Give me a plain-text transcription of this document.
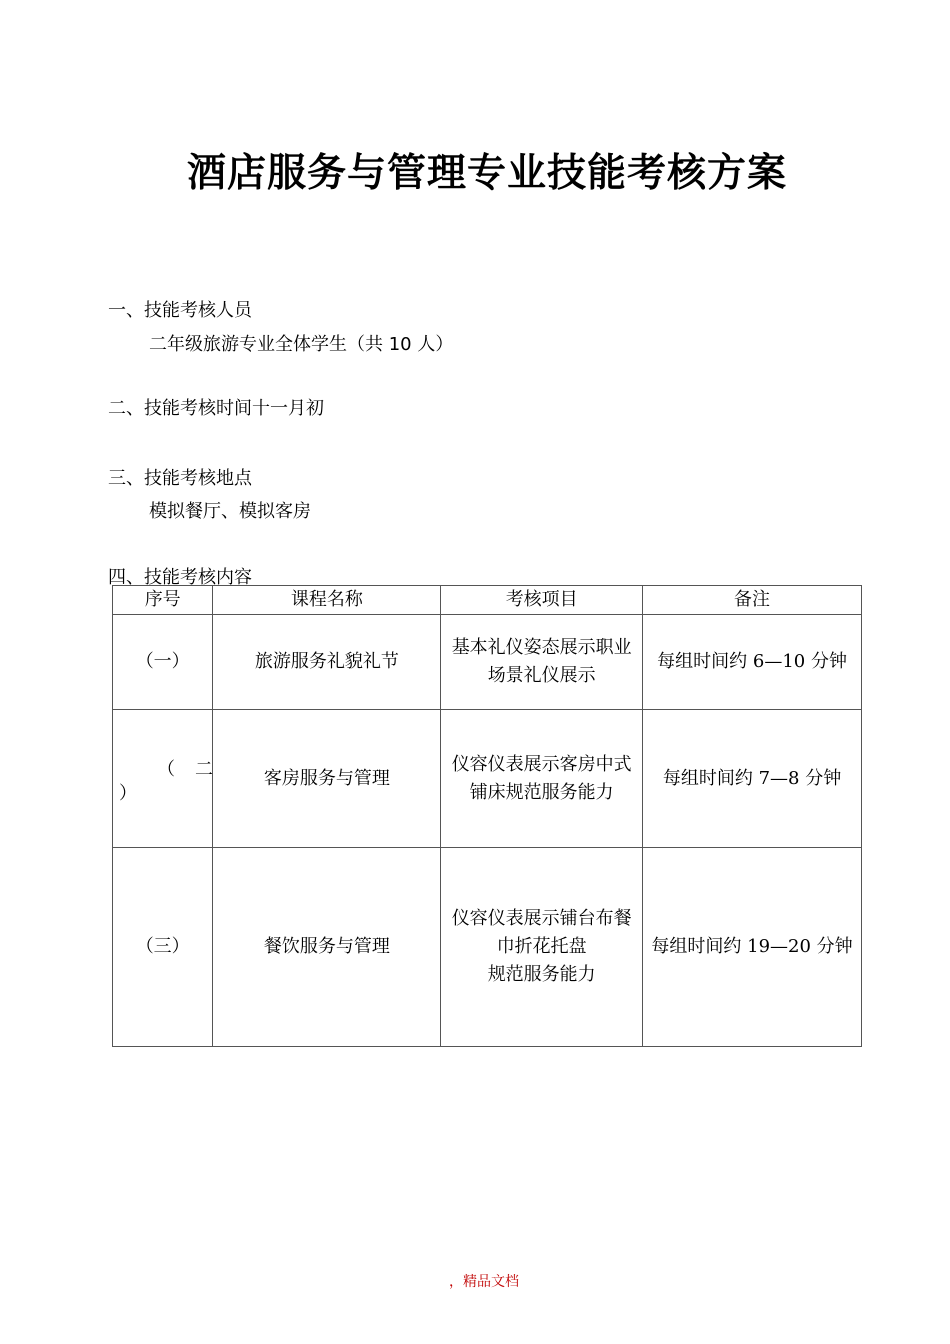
酒店服务与管理专业技能考核方案
一、技能考核人员
二年级旅游专业全体学生（共 10 人）
二、技能考核时间十一月初
三、技能考核地点
模拟餐厅、模拟客房
四、技能考核内容
序号	课程名称	考核项目	备注
（一）	旅游服务礼貌礼节	基本礼仪姿态展示职业场景礼仪展示	每组时间约 6—10 分钟

（二
）	客房服务与管理	仪容仪表展示客房中式铺床规范服务能力	每组时间约 7—8 分钟
（三）	餐饮服务与管理	仪容仪表展示铺台布餐巾折花托盘
规范服务能力	每组时间约 19—20 分钟
，精品文档
